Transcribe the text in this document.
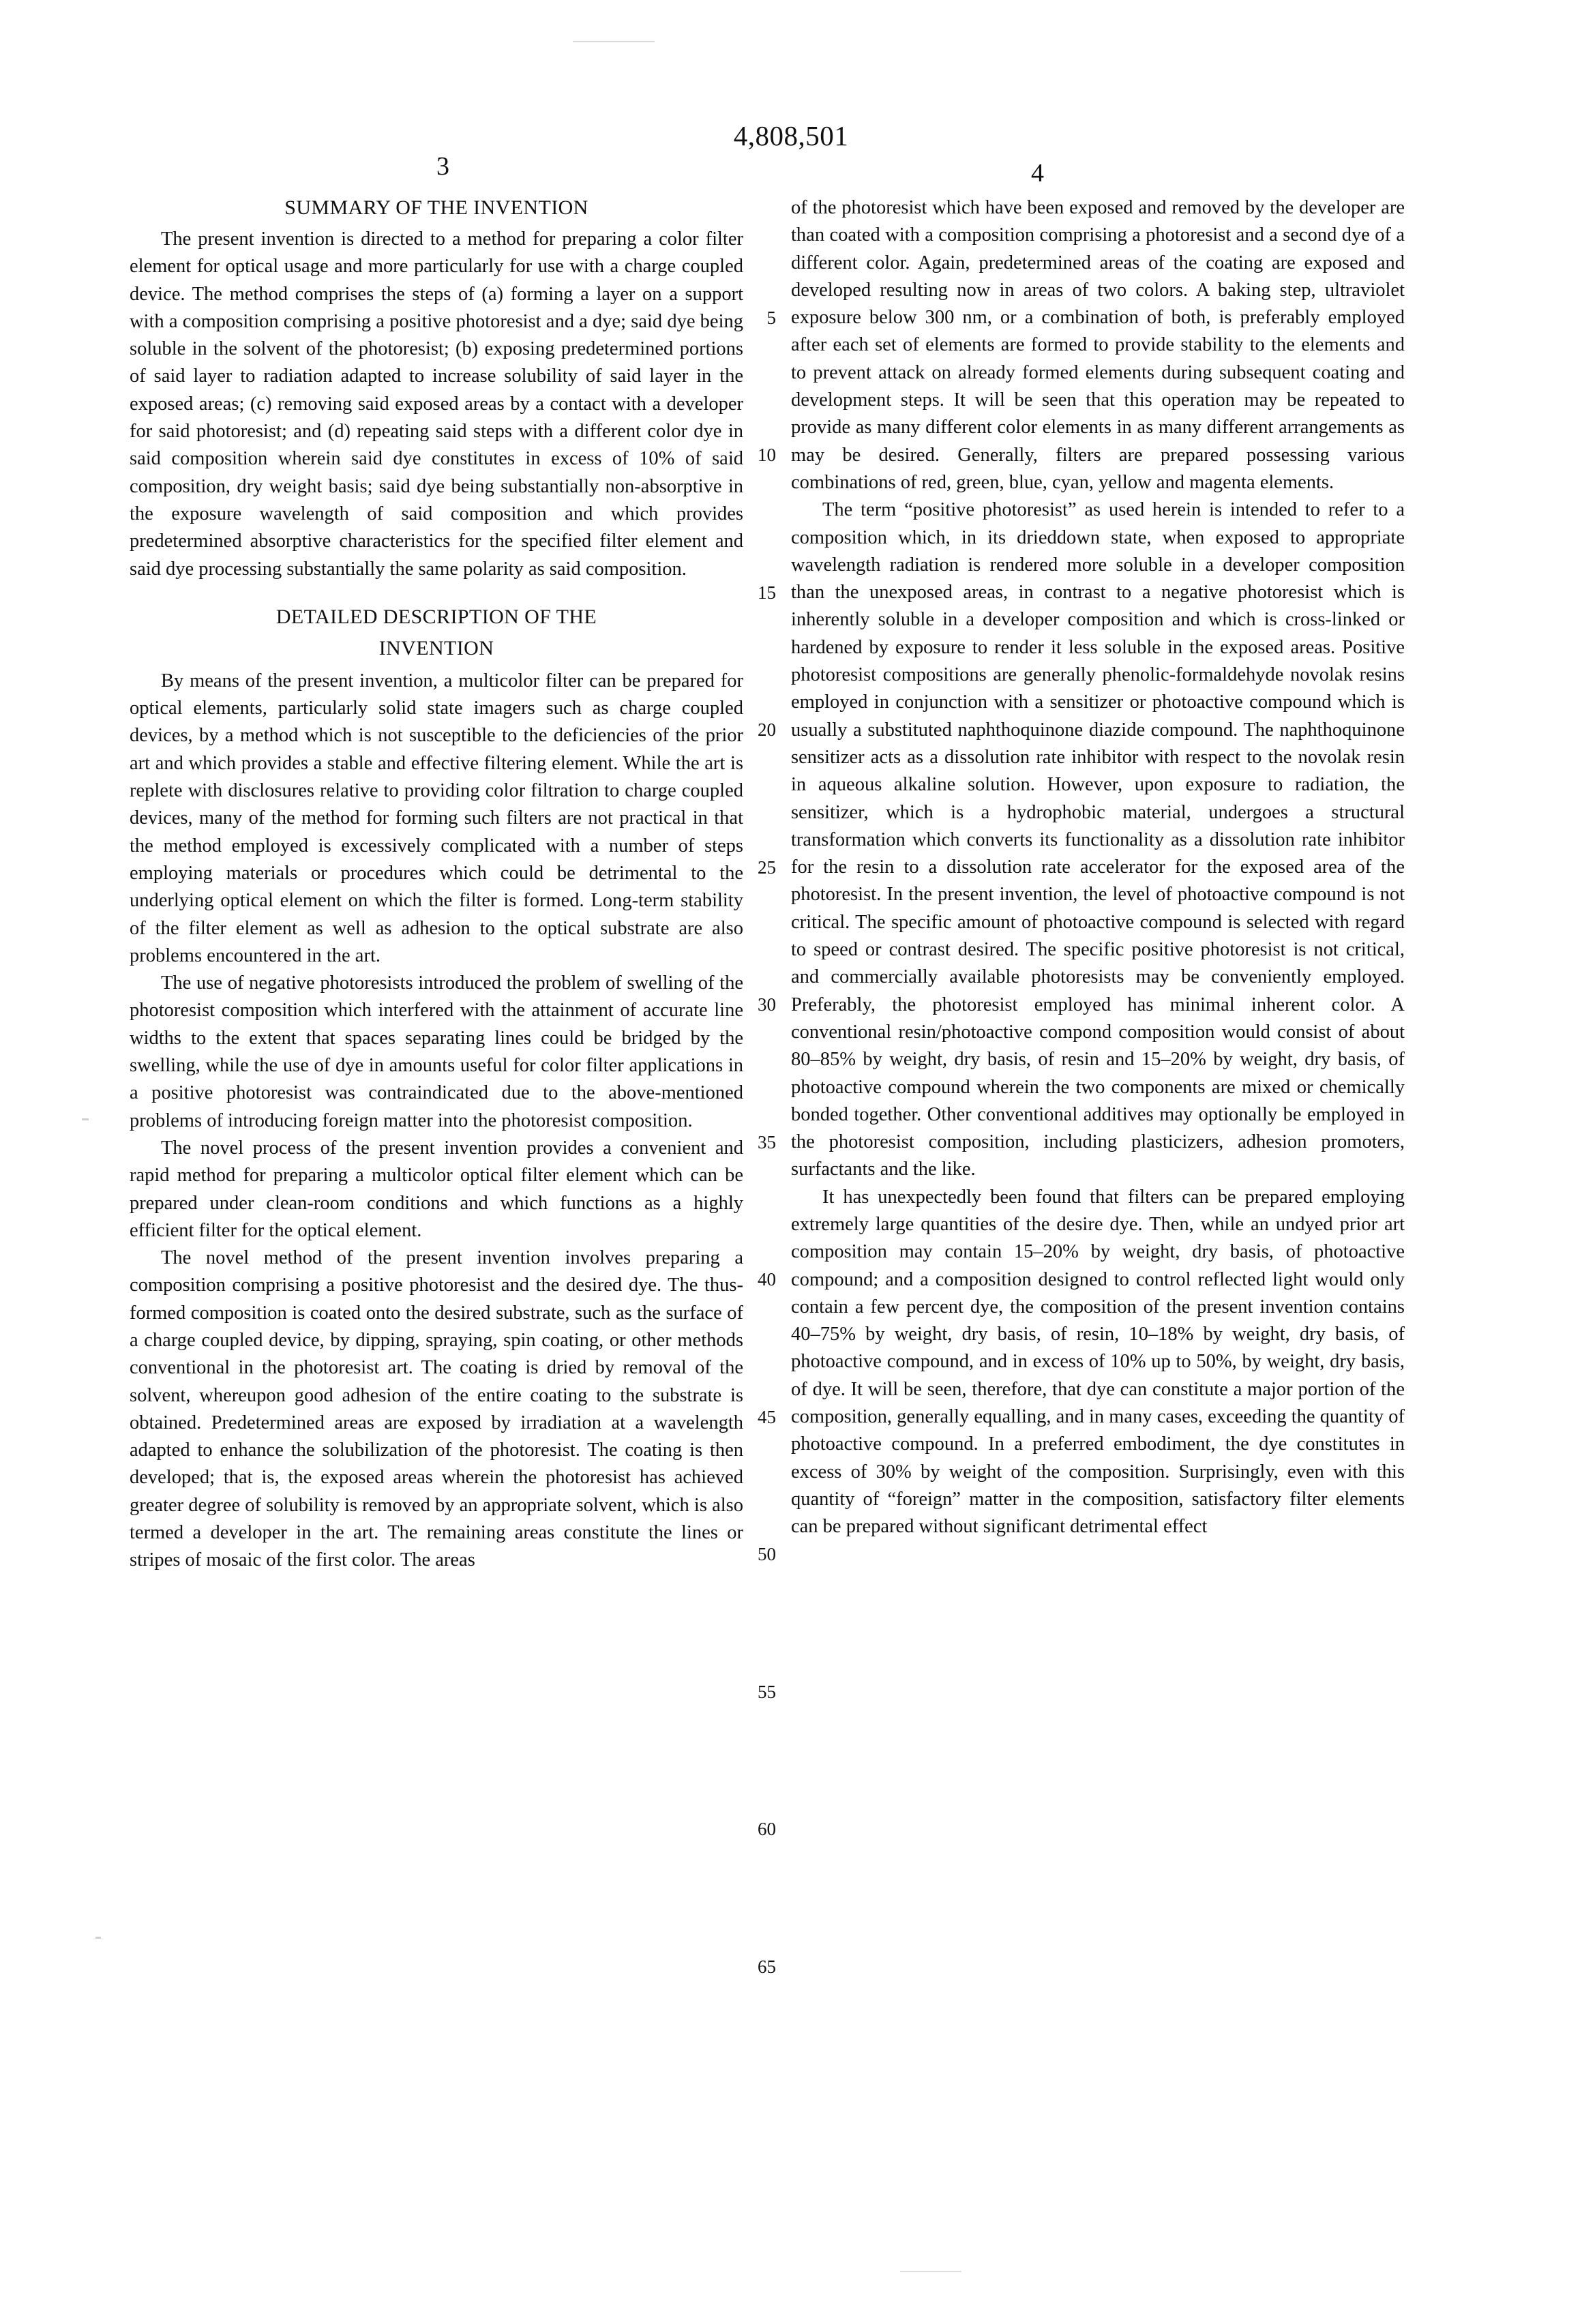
4,808,501
3	4
5
10
15
20
25
30
35
40
45
50
55
60
65
SUMMARY OF THE INVENTION

The present invention is directed to a method for preparing a color filter element for optical usage and more particularly for use with a charge coupled device. The method comprises the steps of (a) forming a layer on a support with a composition comprising a positive photoresist and a dye; said dye being soluble in the solvent of the photoresist; (b) exposing predetermined portions of said layer to radiation adapted to increase solubility of said layer in the exposed areas; (c) removing said exposed areas by a contact with a developer for said photoresist; and (d) repeating said steps with a different color dye in said composition wherein said dye constitutes in excess of 10% of said composition, dry weight basis; said dye being substantially non-absorptive in the exposure wavelength of said composition and which provides predetermined absorptive characteristics for the specified filter element and said dye processing substantially the same polarity as said composition.

DETAILED DESCRIPTION OF THE
INVENTION

By means of the present invention, a multicolor filter can be prepared for optical elements, particularly solid state imagers such as charge coupled devices, by a method which is not susceptible to the deficiencies of the prior art and which provides a stable and effective filtering element. While the art is replete with disclosures relative to providing color filtration to charge coupled devices, many of the method for forming such filters are not practical in that the method employed is excessively complicated with a number of steps employing materials or procedures which could be detrimental to the underlying optical element on which the filter is formed. Long-term stability of the filter element as well as adhesion to the optical substrate are also problems encountered in the art.

The use of negative photoresists introduced the problem of swelling of the photoresist composition which interfered with the attainment of accurate line widths to the extent that spaces separating lines could be bridged by the swelling, while the use of dye in amounts useful for color filter applications in a positive photoresist was contraindicated due to the above-mentioned problems of introducing foreign matter into the photoresist composition.

The novel process of the present invention provides a convenient and rapid method for preparing a multicolor optical filter element which can be prepared under clean-room conditions and which functions as a highly efficient filter for the optical element.

The novel method of the present invention involves preparing a composition comprising a positive photoresist and the desired dye. The thus-formed composition is coated onto the desired substrate, such as the surface of a charge coupled device, by dipping, spraying, spin coating, or other methods conventional in the photoresist art. The coating is dried by removal of the solvent, whereupon good adhesion of the entire coating to the substrate is obtained. Predetermined areas are exposed by irradiation at a wavelength adapted to enhance the solubilization of the photoresist. The coating is then developed; that is, the exposed areas wherein the photoresist has achieved greater degree of solubility is removed by an appropriate solvent, which is also termed a developer in the art. The remaining areas constitute the lines or stripes of mosaic of the first color. The areas

of the photoresist which have been exposed and removed by the developer are than coated with a composition comprising a photoresist and a second dye of a different color. Again, predetermined areas of the coating are exposed and developed resulting now in areas of two colors. A baking step, ultraviolet exposure below 300 nm, or a combination of both, is preferably employed after each set of elements are formed to provide stability to the elements and to prevent attack on already formed elements during subsequent coating and development steps. It will be seen that this operation may be repeated to provide as many different color elements in as many different arrangements as may be desired. Generally, filters are prepared possessing various combinations of red, green, blue, cyan, yellow and magenta elements.

The term “positive photoresist” as used herein is intended to refer to a composition which, in its drieddown state, when exposed to appropriate wavelength radiation is rendered more soluble in a developer composition than the unexposed areas, in contrast to a negative photoresist which is inherently soluble in a developer composition and which is cross-linked or hardened by exposure to render it less soluble in the exposed areas. Positive photoresist compositions are generally phenolic-formaldehyde novolak resins employed in conjunction with a sensitizer or photoactive compound which is usually a substituted naphthoquinone diazide compound. The naphthoquinone sensitizer acts as a dissolution rate inhibitor with respect to the novolak resin in aqueous alkaline solution. However, upon exposure to radiation, the sensitizer, which is a hydrophobic material, undergoes a structural transformation which converts its functionality as a dissolution rate inhibitor for the resin to a dissolution rate accelerator for the exposed area of the photoresist. In the present invention, the level of photoactive compound is not critical. The specific amount of photoactive compound is selected with regard to speed or contrast desired. The specific positive photoresist is not critical, and commercially available photoresists may be conveniently employed. Preferably, the photoresist employed has minimal inherent color. A conventional resin/photoactive compond composition would consist of about 80–85% by weight, dry basis, of resin and 15–20% by weight, dry basis, of photoactive compound wherein the two components are mixed or chemically bonded together. Other conventional additives may optionally be employed in the photoresist composition, including plasticizers, adhesion promoters, surfactants and the like.

It has unexpectedly been found that filters can be prepared employing extremely large quantities of the desire dye. Then, while an undyed prior art composition may contain 15–20% by weight, dry basis, of photoactive compound; and a composition designed to control reflected light would only contain a few percent dye, the composition of the present invention contains 40–75% by weight, dry basis, of resin, 10–18% by weight, dry basis, of photoactive compound, and in excess of 10% up to 50%, by weight, dry basis, of dye. It will be seen, therefore, that dye can constitute a major portion of the composition, generally equalling, and in many cases, exceeding the quantity of photoactive compound. In a preferred embodiment, the dye constitutes in excess of 30% by weight of the composition. Surprisingly, even with this quantity of “foreign” matter in the composition, satisfactory filter elements can be prepared without significant detrimental effect
